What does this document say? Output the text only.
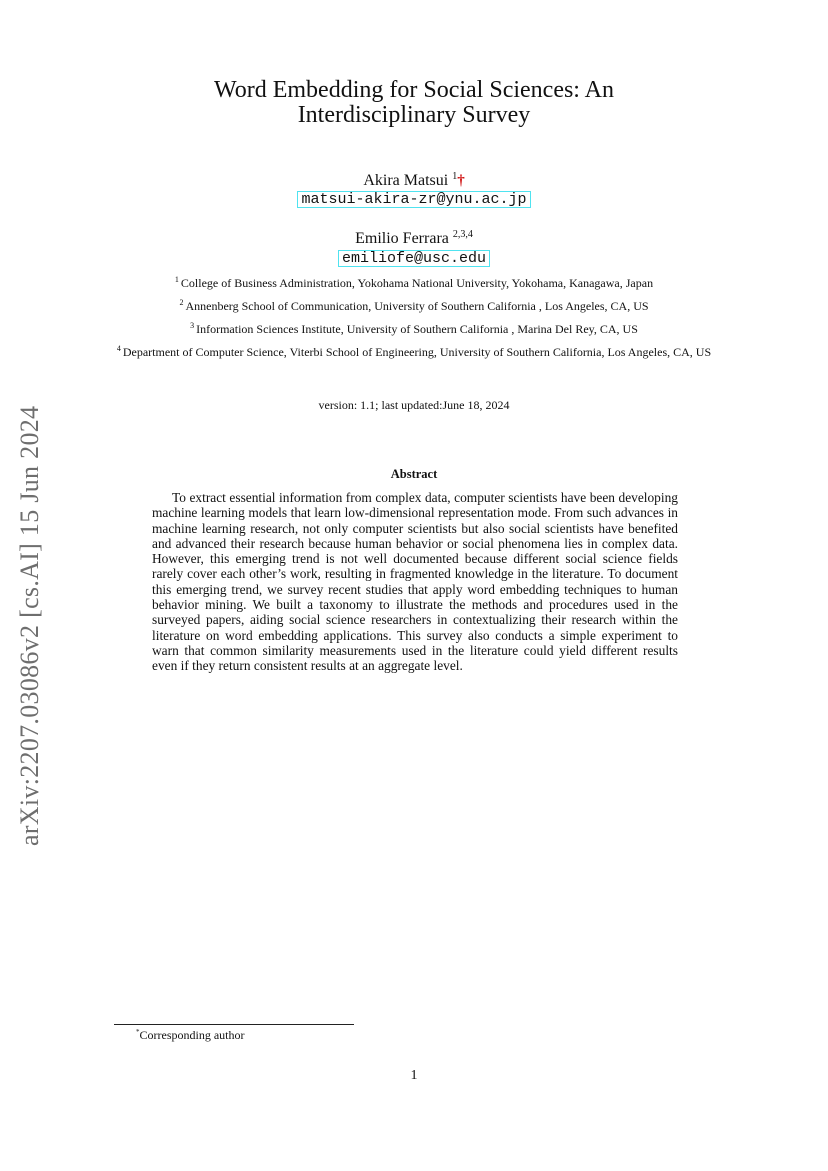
arXiv:2207.03086v2 [cs.AI] 15 Jun 2024
Word Embedding for Social Sciences: An
Interdisciplinary Survey
Akira Matsui $^1$†
matsui-akira-zr@ynu.ac.jp
Emilio Ferrara $^{2,3,4}$
emiliofe@usc.edu
$^1$ College of Business Administration, Yokohama National University, Yokohama, Kanagawa, Japan
$^2$ Annenberg School of Communication, University of Southern California , Los Angeles, CA, US
$^3$ Information Sciences Institute, University of Southern California , Marina Del Rey, CA, US
$^4$ Department of Computer Science, Viterbi School of Engineering, University of Southern California, Los Angeles, CA, US
version: 1.1; last updated:June 18, 2024
Abstract

To extract essential information from complex data, computer scientists have been developing machine learning models that learn low-dimensional representation mode. From such advances in machine learning research, not only computer scientists but also social scientists have benefited and advanced their research because human behavior or social phenomena lies in complex data. However, this emerging trend is not well documented because different social science fields rarely cover each other’s work, resulting in fragmented knowledge in the literature. To document this emerging trend, we survey recent studies that apply word embedding techniques to human behavior mining. We built a taxonomy to illustrate the methods and procedures used in the surveyed papers, aiding social science researchers in contextualizing their research within the literature on word embedding applications. This survey also conducts a simple experiment to warn that common similarity measurements used in the literature could yield different results even if they return consistent results at an aggregate level.

*Corresponding author
1
